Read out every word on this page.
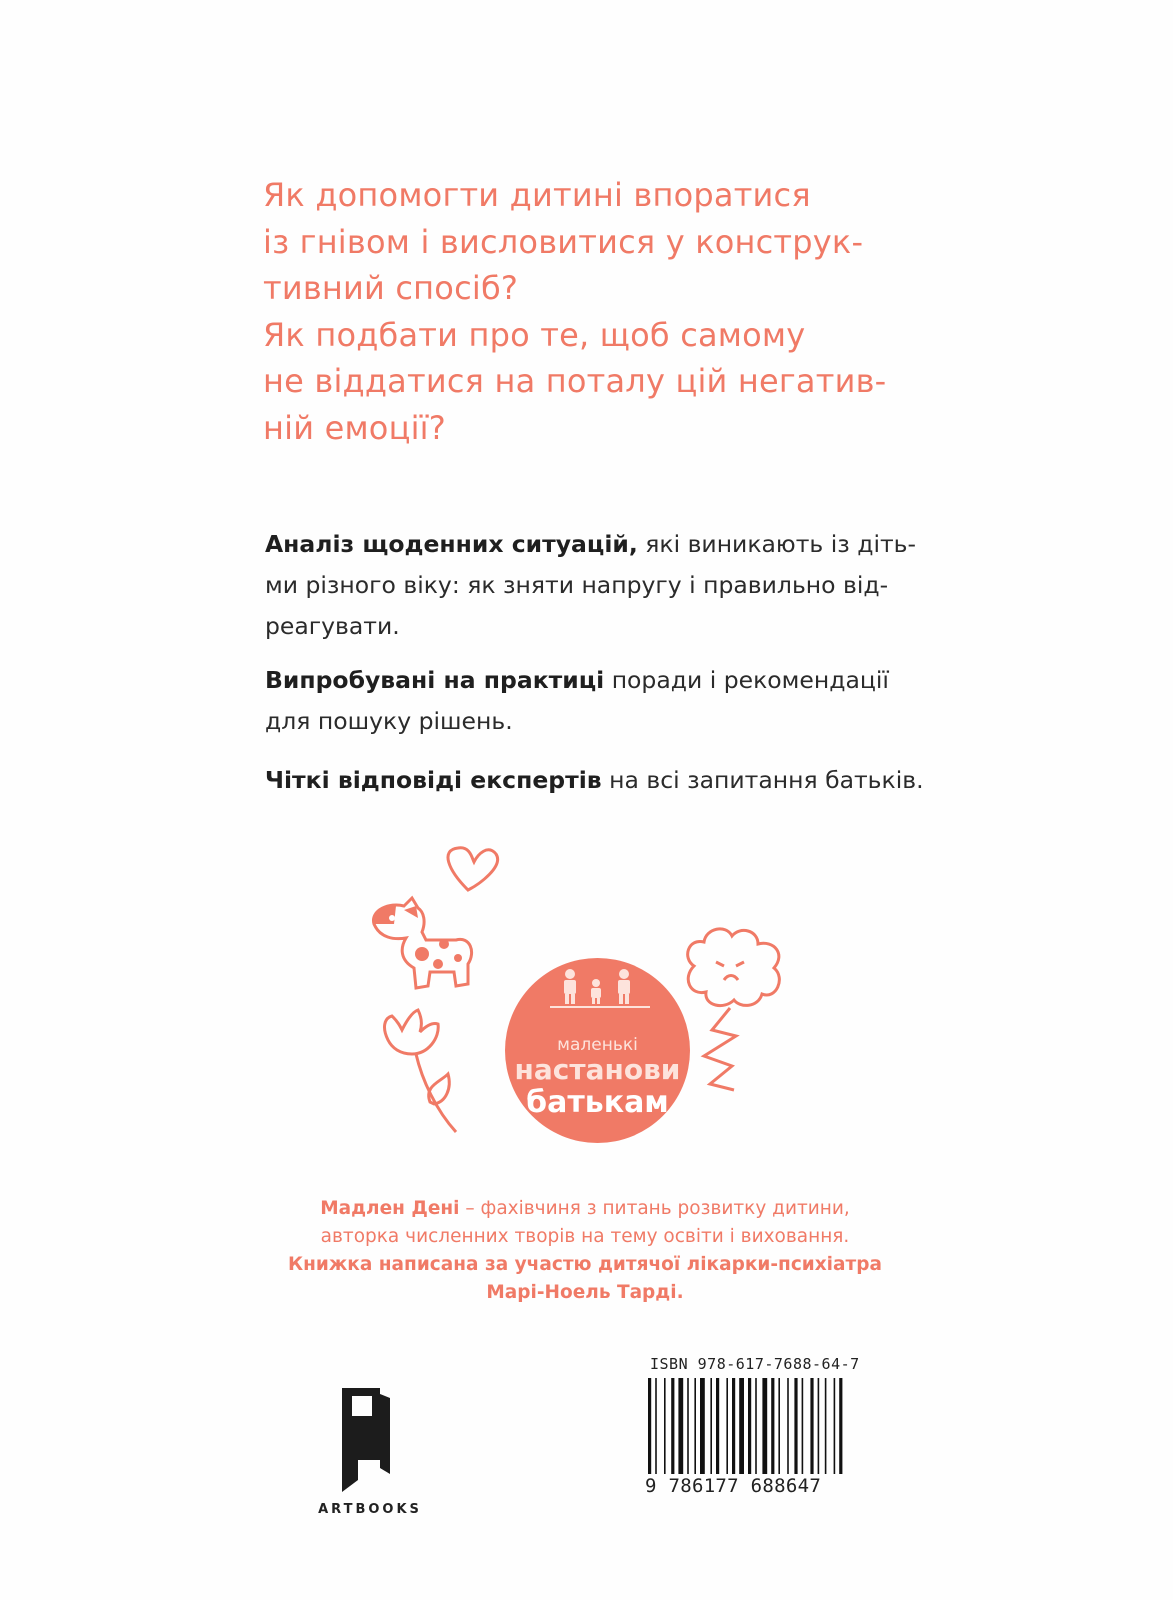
Як допомогти дитині впоратися

із гнівом і висловитися у конструк-

тивний спосіб?

Як подбати про те, щоб самому

не віддатися на поталу цій негатив-

ній емоції?

Аналіз щоденних ситуацій, які виникають із діть-

ми різного віку: як зняти напругу і правильно від-

реагувати.

Випробувані на практиці поради і рекомендації

для пошуку рішень.

Чіткі відповіді експертів на всі запитання батьків.

маленькі
настанови
батькам

Мадлен Дені – фахівчиня з питань розвитку дитини,

авторка численних творів на тему освіти і виховання.

Книжка написана за участю дитячої лікарки-психіатра

Марі-Ноель Тарді.

ARTBOOKS
ISBN 978-617-7688-64-7
9 786177 688647
